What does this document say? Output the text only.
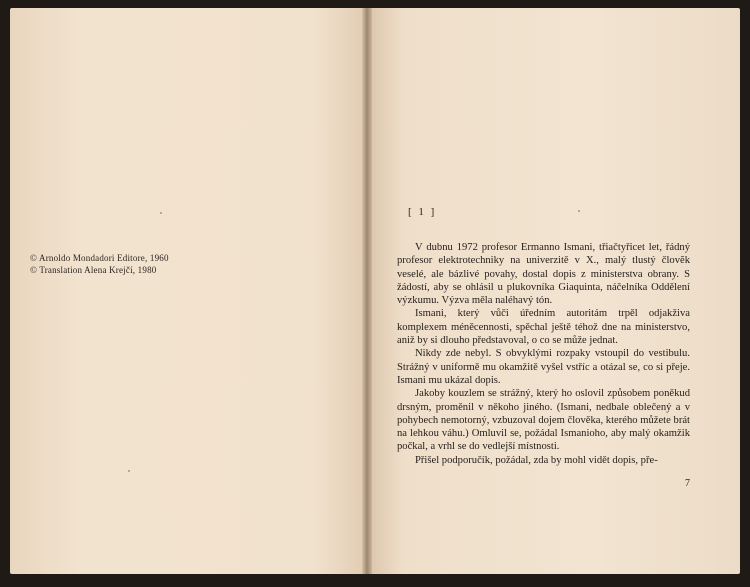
© Arnoldo Mondadori Editore, 1960
© Translation Alena Krejčí, 1980
[ 1 ]

V dubnu 1972 profesor Ermanno Ismani, třiačtyřicet let, řádný profesor elektrotechniky na univerzitě v X., malý tlustý človĕk veselé, ale bázlivé povahy, dostal dopis z ministerstva obrany. S žádostí, aby se ohlásil u plukovníka Giaquinta, náčelníka Oddělení výzkumu. Výzva měla naléhavý tón.

Ismani, který vůči úředním autoritám trpěl odjakživa komplexem méněcennosti, spěchal ještě téhož dne na ministerstvo, aniž by si dlouho představoval, o co se může jednat.

Nikdy zde nebyl. S obvyklými rozpaky vstoupil do vestibulu. Strážný v uniformě mu okamžitě vyšel vstříc a otázal se, co si přeje. Ismani mu ukázal dopis.

Jakoby kouzlem se strážný, který ho oslovil způsobem poněkud drsným, proměnil v někoho jiného. (Ismani, nedbale oblečený a v pohybech nemotorný, vzbuzoval dojem člověka, kterého můžete brát na lehkou váhu.) Omluvil se, požádal Ismanioho, aby malý okamžik počkal, a vrhl se do vedlejší místnosti.

Přišel podporučík, požádal, zda by mohl vidět dopis, pře-

7
